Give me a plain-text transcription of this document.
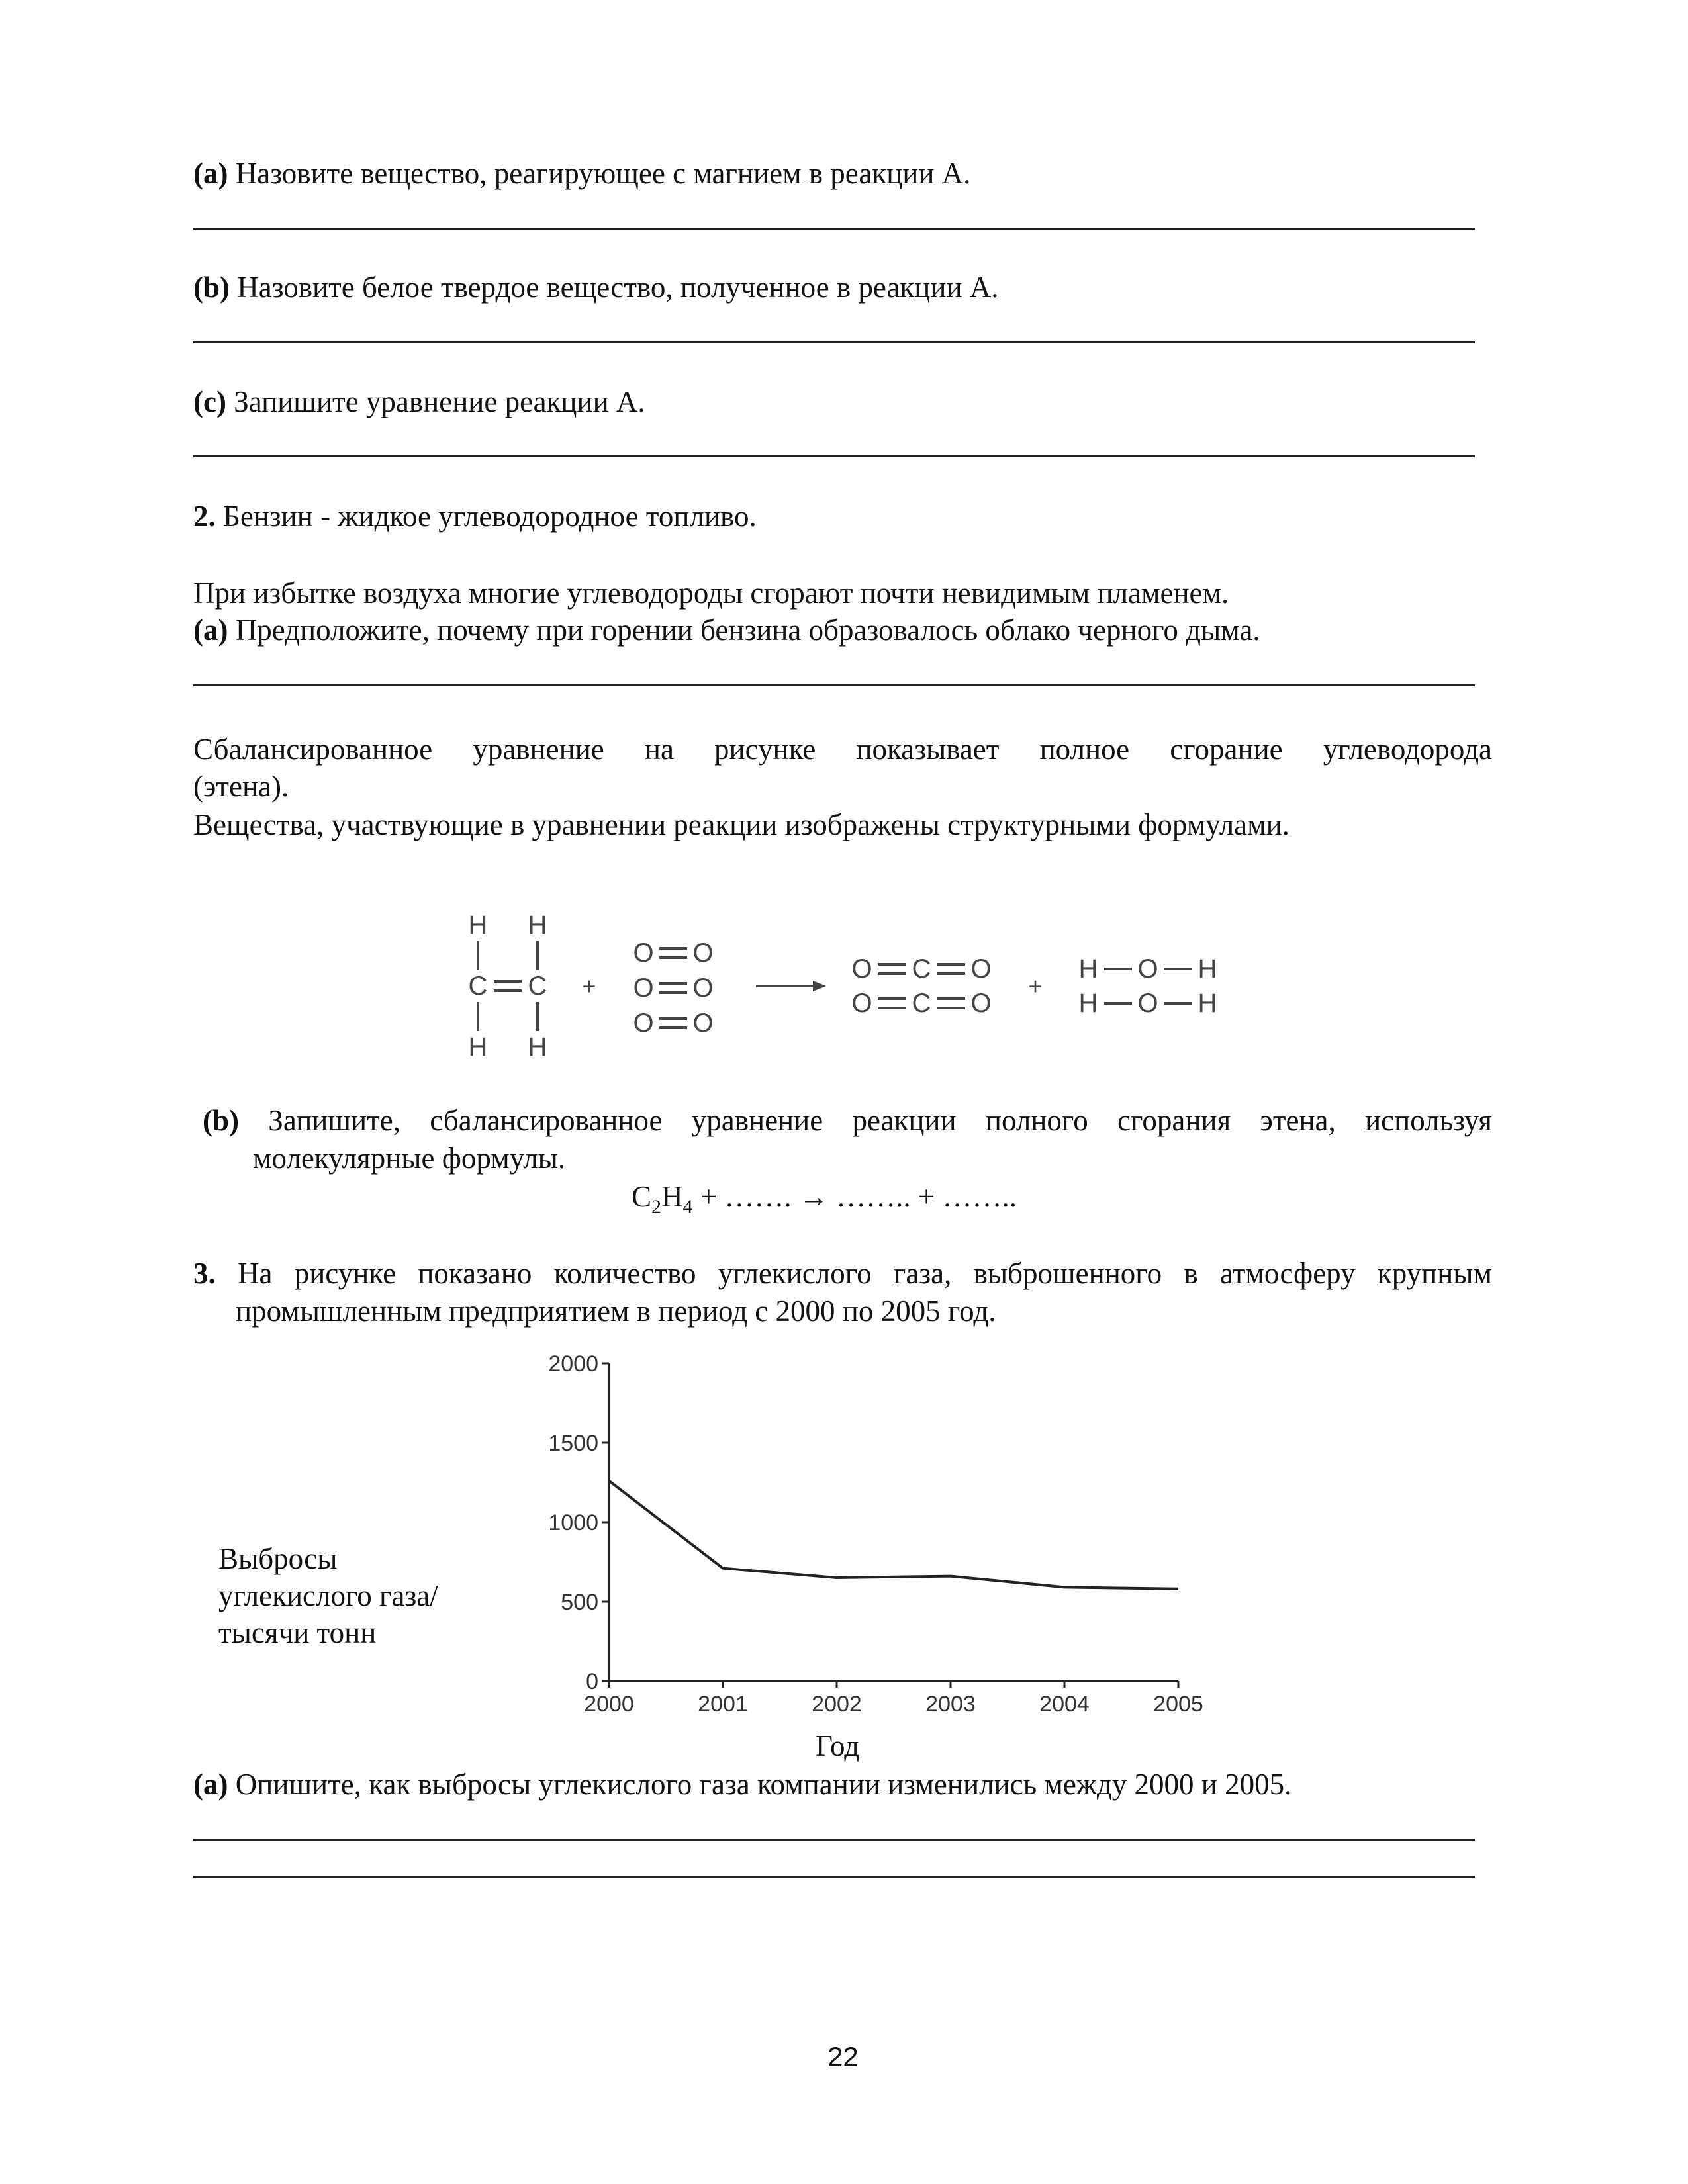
(a) Назовите вещество, реагирующее с магнием в реакции А.
(b) Назовите белое твердое вещество, полученное в реакции А.
(c) Запишите уравнение реакции А.
2. Бензин - жидкое углеводородное топливо.
При избытке воздуха многие углеводороды сгорают почти невидимым пламенем.
(a) Предположите, почему при горении бензина образовалось облако черного дыма.
Сбалансированное уравнение на рисунке показывает полное сгорание углеводорода
(этена).
Вещества, участвующие в уравнении реакции изображены структурными формулами.
H H
C C
H H
+
O O
O O
O O
O C O
O C O
+
H O H
H O H
(b) Запишите, сбалансированное уравнение реакции полного сгорания этена, используя
молекулярные формулы.
$C_2H_4$ + ……. → …….. + ……..
3. На рисунке показано количество углекислого газа, выброшенного в атмосферу крупным
промышленным предприятием в период с 2000 по 2005 год.
Выбросы
углекислого газа/
тысячи тонн
0
500
1000
1500
2000
2000	2001	2002	2003	2004	2005
Год
(a) Опишите, как выбросы углекислого газа компании изменились между 2000 и 2005.
22
